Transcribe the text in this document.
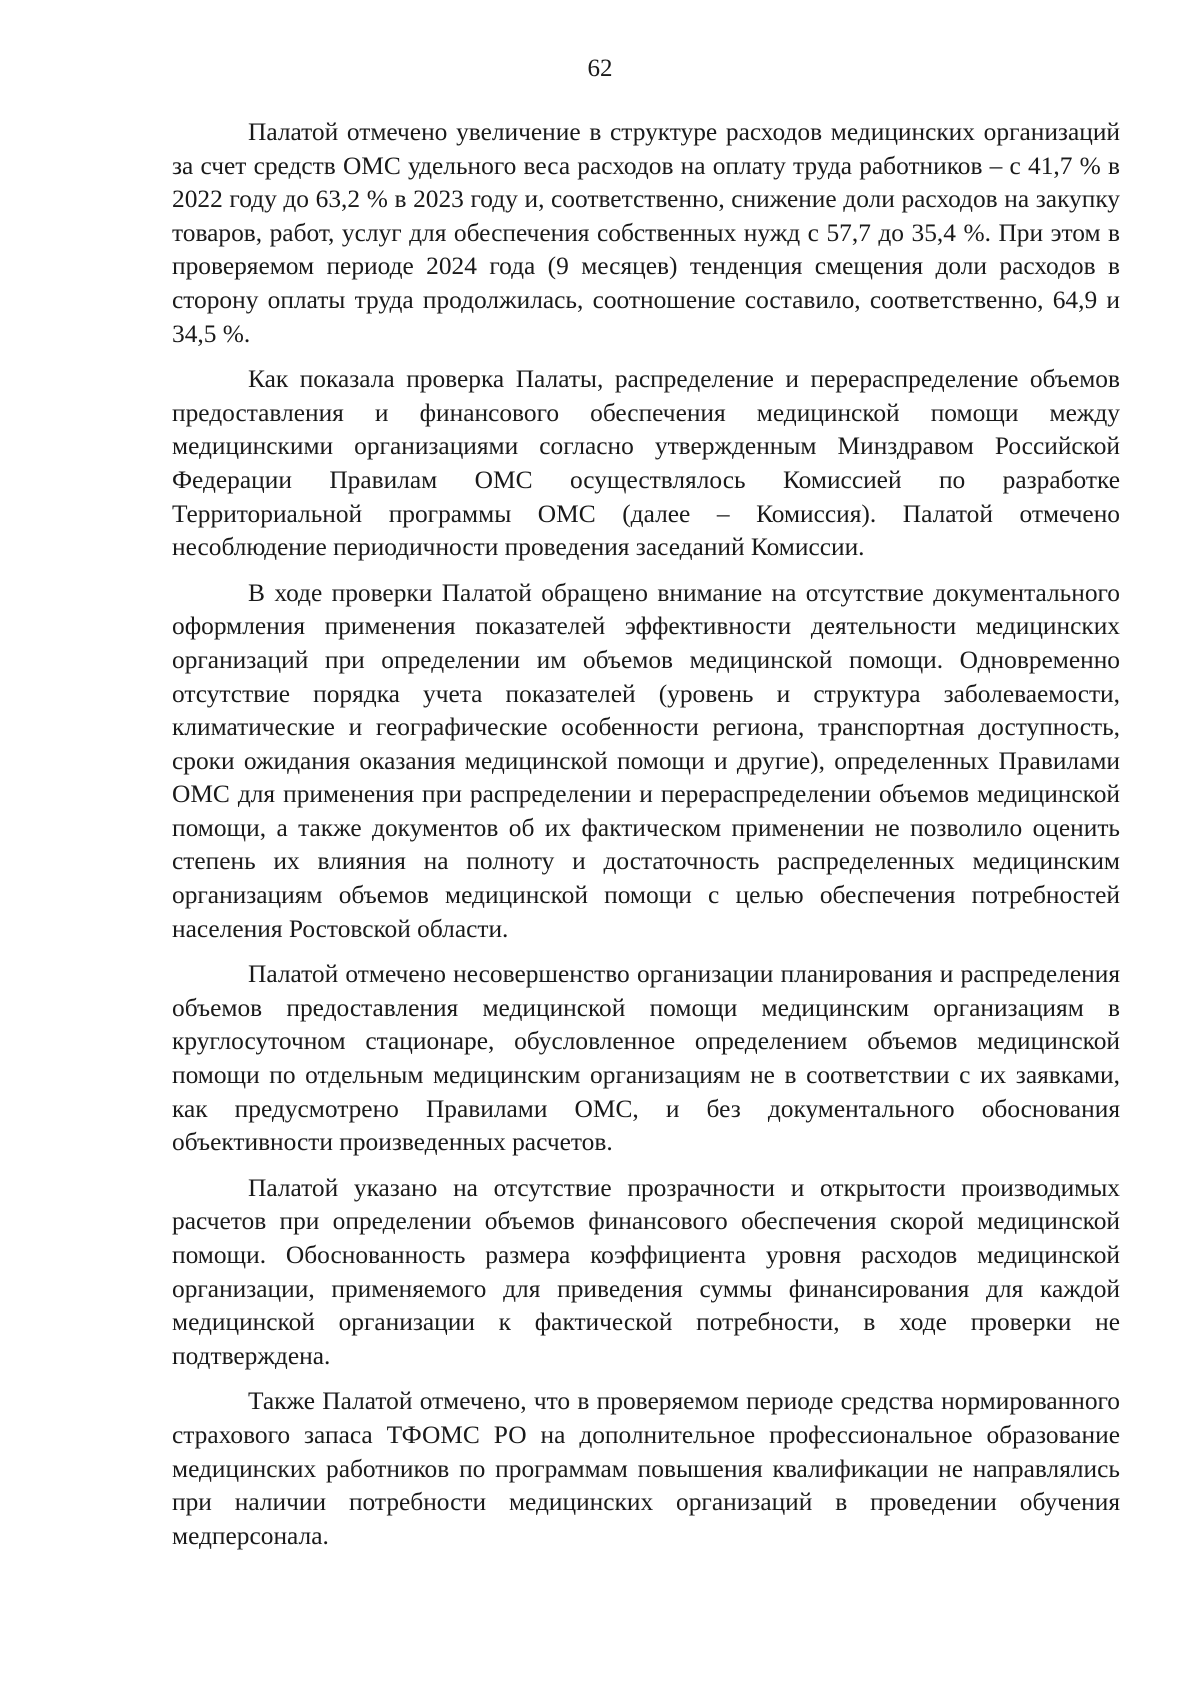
62

Палатой отмечено увеличение в структуре расходов медицинских организаций за счет средств ОМС удельного веса расходов на оплату труда работников – с 41,7 % в 2022 году до 63,2 % в 2023 году и, соответственно, снижение доли расходов на закупку товаров, работ, услуг для обеспечения собственных нужд с 57,7 до 35,4 %. При этом в проверяемом периоде 2024 года (9 месяцев) тенденция смещения доли расходов в сторону оплаты труда продолжилась, соотношение составило, соответственно, 64,9 и 34,5 %.

Как показала проверка Палаты, распределение и перераспределение объемов предоставления и финансового обеспечения медицинской помощи между медицинскими организациями согласно утвержденным Минздравом Российской Федерации Правилам ОМС осуществлялось Комиссией по разработке Территориальной программы ОМС (далее – Комиссия). Палатой отмечено несоблюдение периодичности проведения заседаний Комиссии.

В ходе проверки Палатой обращено внимание на отсутствие документального оформления применения показателей эффективности деятельности медицинских организаций при определении им объемов медицинской помощи. Одновременно отсутствие порядка учета показателей (уровень и структура заболеваемости, климатические и географические особенности региона, транспортная доступность, сроки ожидания оказания медицинской помощи и другие), определенных Правилами ОМС для применения при распределении и перераспределении объемов медицинской помощи, а также документов об их фактическом применении не позволило оценить степень их влияния на полноту и достаточность распределенных медицинским организациям объемов медицинской помощи с целью обеспечения потребностей населения Ростовской области.

Палатой отмечено несовершенство организации планирования и распределения объемов предоставления медицинской помощи медицинским организациям в круглосуточном стационаре, обусловленное определением объемов медицинской помощи по отдельным медицинским организациям не в соответствии с их заявками, как предусмотрено Правилами ОМС, и без документального обоснования объективности произведенных расчетов.

Палатой указано на отсутствие прозрачности и открытости производимых расчетов при определении объемов финансового обеспечения скорой медицинской помощи. Обоснованность размера коэффициента уровня расходов медицинской организации, применяемого для приведения суммы финансирования для каждой медицинской организации к фактической потребности, в ходе проверки не подтверждена.

Также Палатой отмечено, что в проверяемом периоде средства нормированного страхового запаса ТФОМС РО на дополнительное профессиональное образование медицинских работников по программам повышения квалификации не направлялись при наличии потребности медицинских организаций в проведении обучения медперсонала.
